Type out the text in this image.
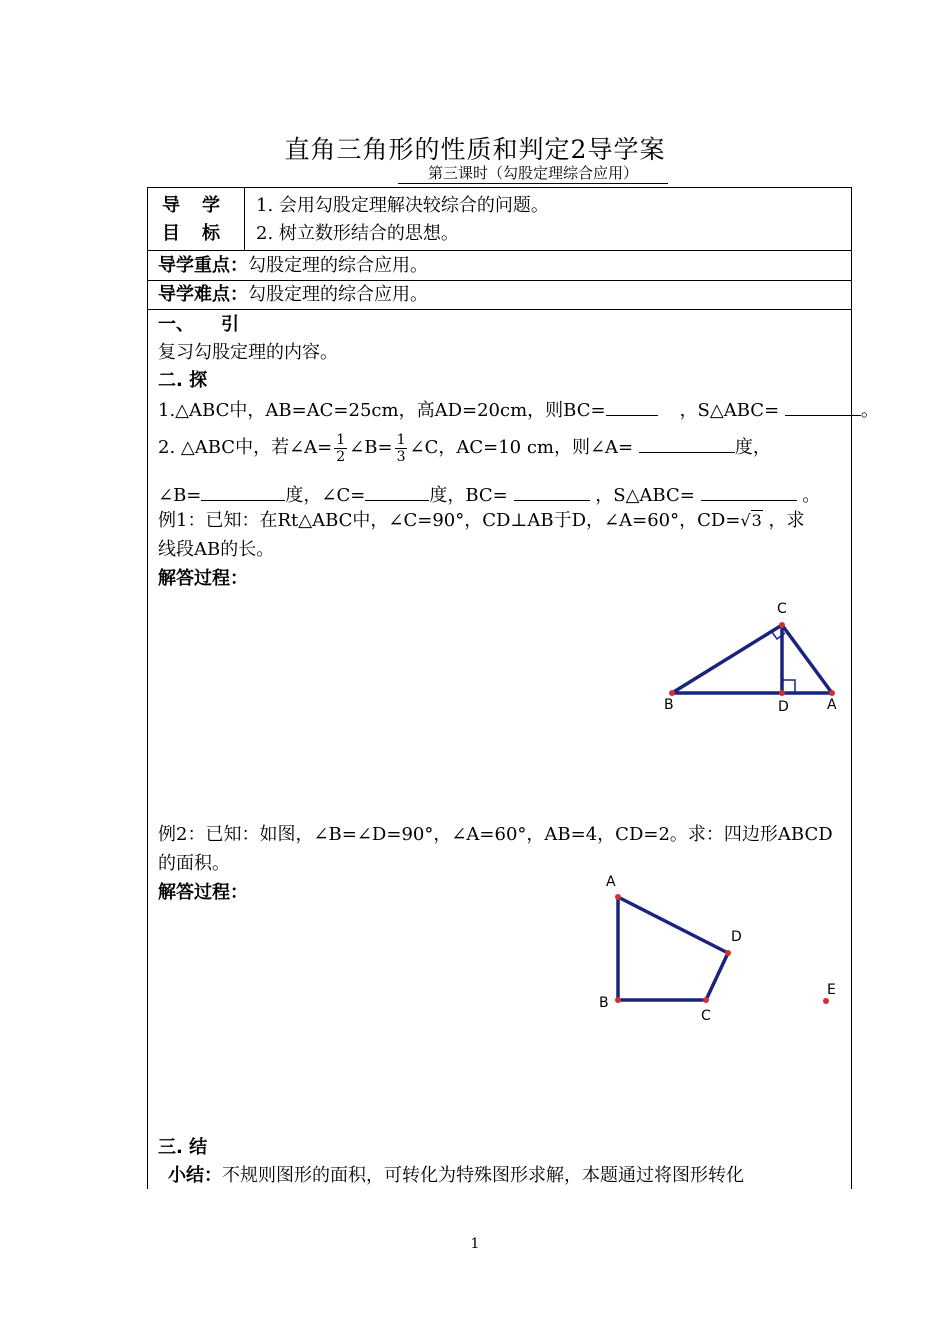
直角三角形的性质和判定2导学案
第三课时（勾股定理综合应用）
导　学
目　标
1. 会用勾股定理解决较综合的问题。
2. 树立数形结合的思想。
导学重点：勾股定理的综合应用。
导学难点：勾股定理的综合应用。
一、　　引
复习勾股定理的内容。
二. 探
1.△ABC中，AB=AC=25cm，高AD=20cm，则BC=	，S△ABC=	。
2. △ABC中，若∠A= $\frac{1}{2}$ ∠B= $\frac{1}{3}$ ∠C，AC=10 cm，则∠A=	度，
∠B=	度，∠C=	度，BC=	，S△ABC=	。
例1：已知：在Rt△ABC中，∠C=90°，CD⊥AB于D，∠A=60°，CD=√3 ，求
线段AB的长。
解答过程：
C
B	D	A
例2：已知：如图，∠B=∠D=90°，∠A=60°，AB=4，CD=2。求：四边形ABCD
的面积。
解答过程：	A
D
B
C
E
三. 结
小结：不规则图形的面积，可转化为特殊图形求解，本题通过将图形转化
1
